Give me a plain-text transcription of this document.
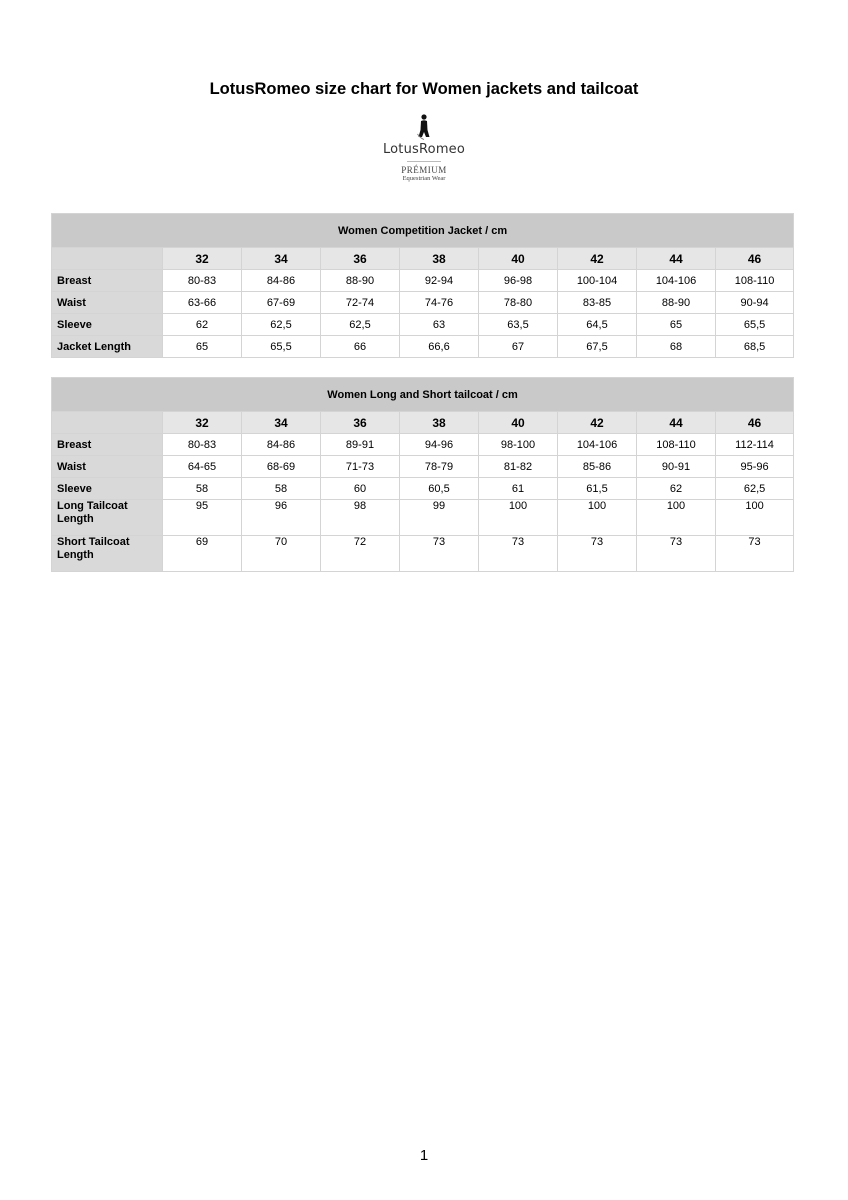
LotusRomeo size chart for Women jackets and tailcoat
LotusRomeo
PRÉMIUM
Equestrian Wear
Women Competition Jacket / cm								
	32	34	36	38	40	42	44	46
Breast	80-83	84-86	88-90	92-94	96-98	100-104	104-106	108-110
Waist	63-66	67-69	72-74	74-76	78-80	83-85	88-90	90-94
Sleeve	62	62,5	62,5	63	63,5	64,5	65	65,5
Jacket Length	65	65,5	66	66,6	67	67,5	68	68,5
Women Long and Short tailcoat / cm								
	32	34	36	38	40	42	44	46
Breast	80-83	84-86	89-91	94-96	98-100	104-106	108-110	112-114
Waist	64-65	68-69	71-73	78-79	81-82	85-86	90-91	95-96
Sleeve	58	58	60	60,5	61	61,5	62	62,5
Long Tailcoat
Length	95	96	98	99	100	100	100	100
Short Tailcoat
Length	69	70	72	73	73	73	73	73
1
